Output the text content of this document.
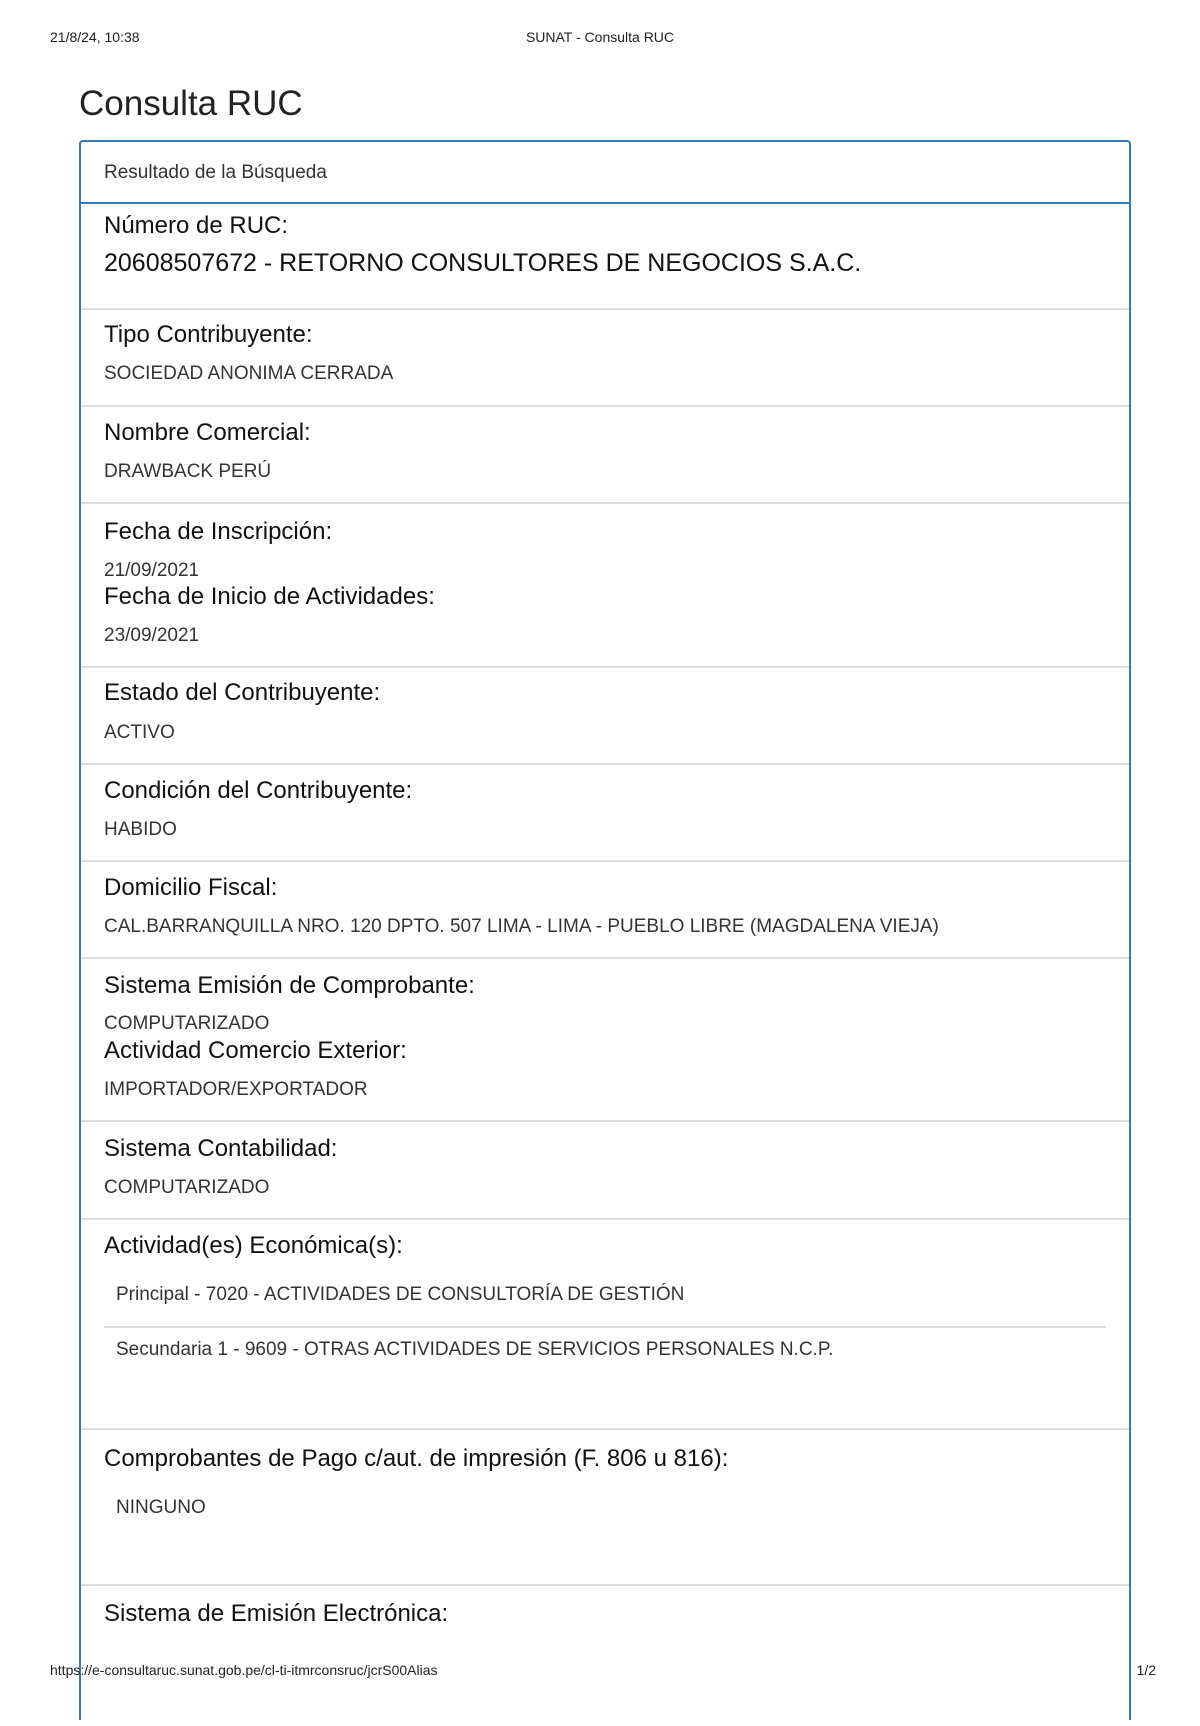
21/8/24, 10:38	SUNAT - Consulta RUC
Consulta RUC
Resultado de la Búsqueda
Número de RUC:
20608507672 - RETORNO CONSULTORES DE NEGOCIOS S.A.C.
Tipo Contribuyente:
SOCIEDAD ANONIMA CERRADA
Nombre Comercial:
DRAWBACK PERÚ
Fecha de Inscripción:
21/09/2021
Fecha de Inicio de Actividades:
23/09/2021
Estado del Contribuyente:
ACTIVO
Condición del Contribuyente:
HABIDO
Domicilio Fiscal:
CAL.BARRANQUILLA NRO. 120 DPTO. 507 LIMA - LIMA - PUEBLO LIBRE (MAGDALENA VIEJA)
Sistema Emisión de Comprobante:
COMPUTARIZADO
Actividad Comercio Exterior:
IMPORTADOR/EXPORTADOR
Sistema Contabilidad:
COMPUTARIZADO
Actividad(es) Económica(s):
Principal - 7020 - ACTIVIDADES DE CONSULTORÍA DE GESTIÓN
Secundaria 1 - 9609 - OTRAS ACTIVIDADES DE SERVICIOS PERSONALES N.C.P.
Comprobantes de Pago c/aut. de impresión (F. 806 u 816):
NINGUNO
Sistema de Emisión Electrónica:
https://e-consultaruc.sunat.gob.pe/cl-ti-itmrconsruc/jcrS00Alias	1/2
